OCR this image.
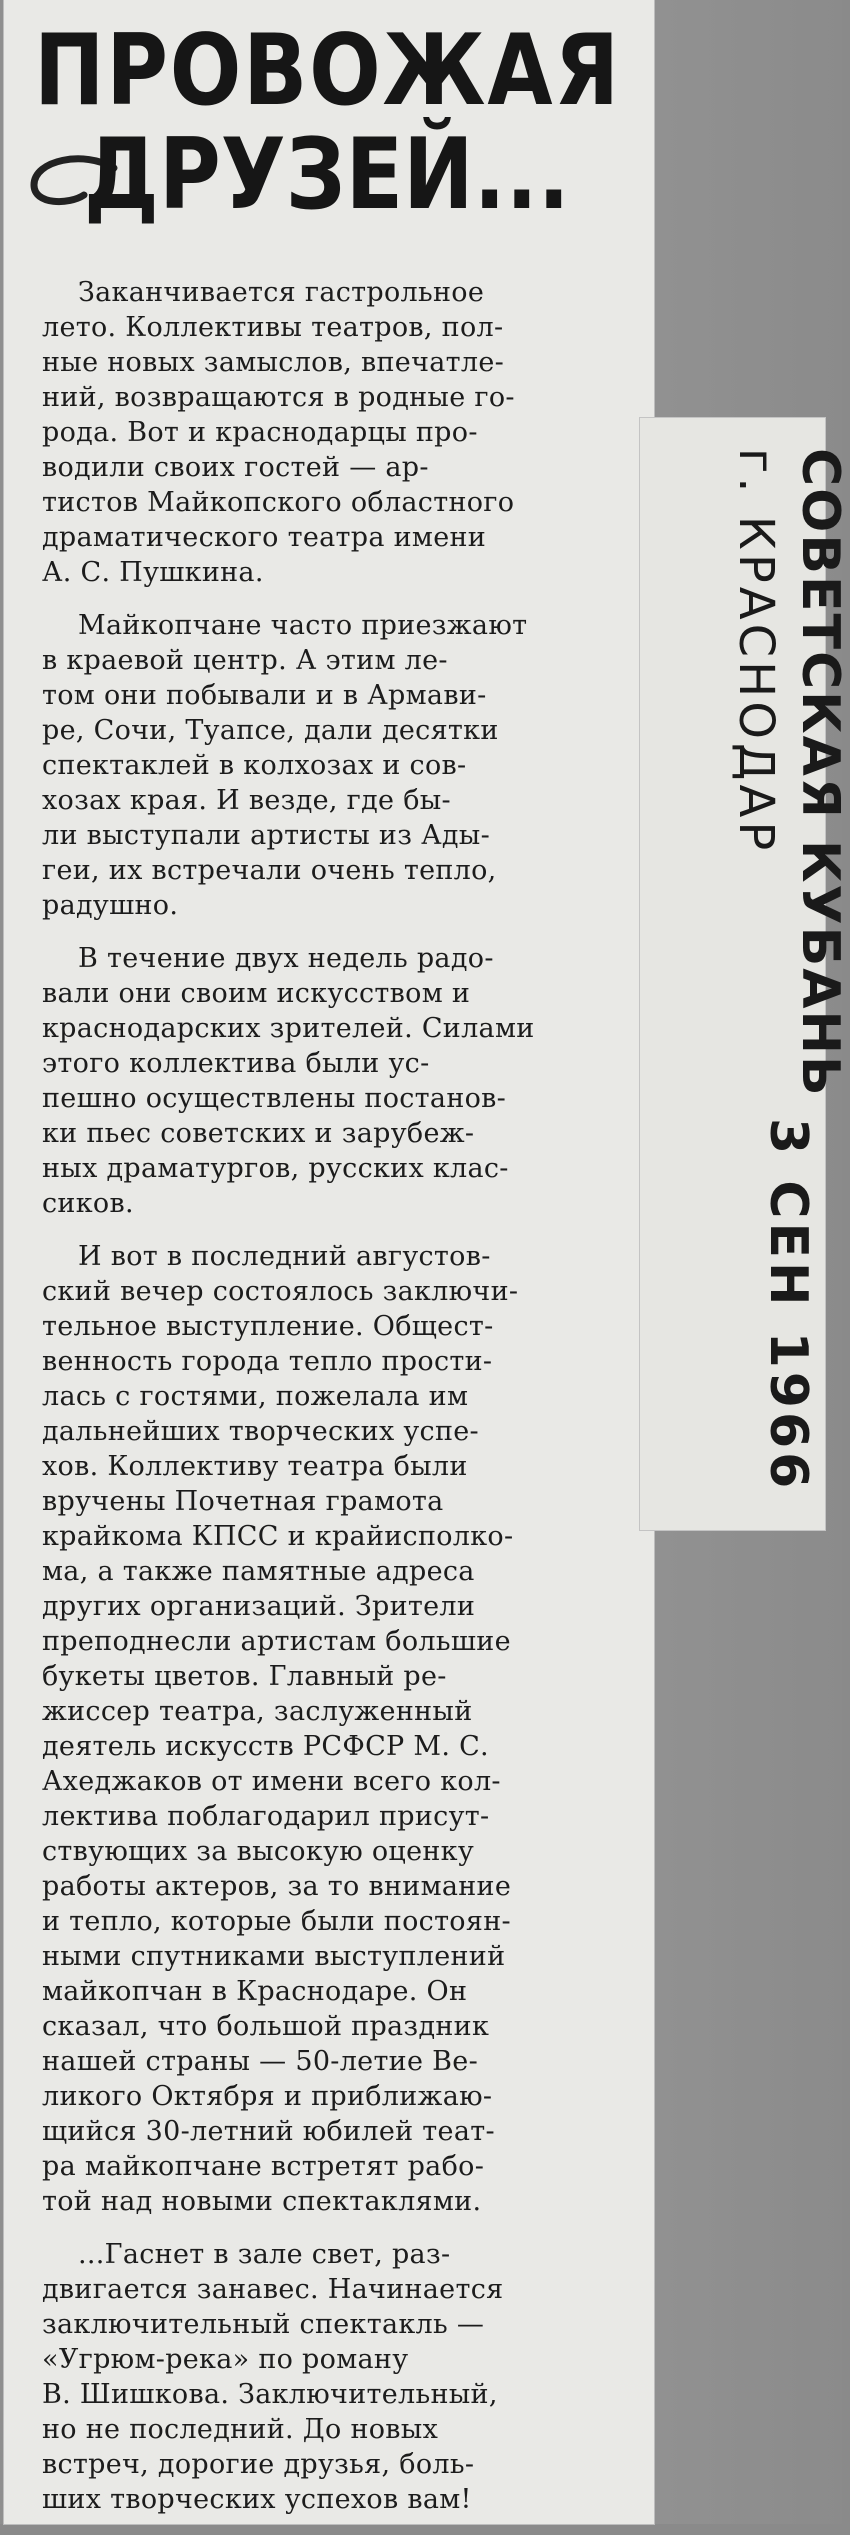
ПРОВОЖАЯ
ДРУЗЕЙ...

Заканчивается гастрольное
лето. Коллективы театров, пол-
ные новых замыслов, впечатле-
ний, возвращаются в родные го-
рода. Вот и краснодарцы про-
водили своих гостей — ар-
тистов Майкопского областного
драматического театра имени
А. С. Пушкина.

Майкопчане часто приезжают
в краевой центр. А этим ле-
том они побывали и в Армави-
ре, Сочи, Туапсе, дали десятки
спектаклей в колхозах и сов-
хозах края. И везде, где бы-
ли выступали артисты из Ады-
геи, их встречали очень тепло,
радушно.

В течение двух недель радо-
вали они своим искусством и
краснодарских зрителей. Силами этого коллектива были ус-
пешно осуществлены постанов-
ки пьес советских и зарубеж-
ных драматургов, русских клас-
сиков.

И вот в последний августов-
ский вечер состоялось заключи-
тельное выступление. Общест-
венность города тепло прости-
лась с гостями, пожелала им
дальнейших творческих успе-
хов. Коллективу театра были
вручены Почетная грамота
крайкома КПСС и крайисполко-
ма, а также памятные адреса
других организаций. Зрители
преподнесли артистам большие
букеты цветов. Главный ре-
жиссер театра, заслуженный
деятель искусств РСФСР М. С.
Ахеджаков от имени всего кол-
лектива поблагодарил присут-
ствующих за высокую оценку
работы актеров, за то внимание
и тепло, которые были постоян-
ными спутниками выступлений
майкопчан в Краснодаре. Он
сказал, что большой праздник
нашей страны — 50-летие Ве-
ликого Октября и приближаю-
щийся 30-летний юбилей теат-
ра майкопчане встретят рабо-
той над новыми спектаклями.

...Гаснет в зале свет, раз-
двигается занавес. Начинается
заключительный спектакль —
«Угрюм-река» по роману
В. Шишкова. Заключительный,
но не последний. До новых
встреч, дорогие друзья, боль-
ших творческих успехов вам!

СОВЕТСКАЯ КУБАНЬ
г. КРАСНОДАР
3 СЕН 1966
